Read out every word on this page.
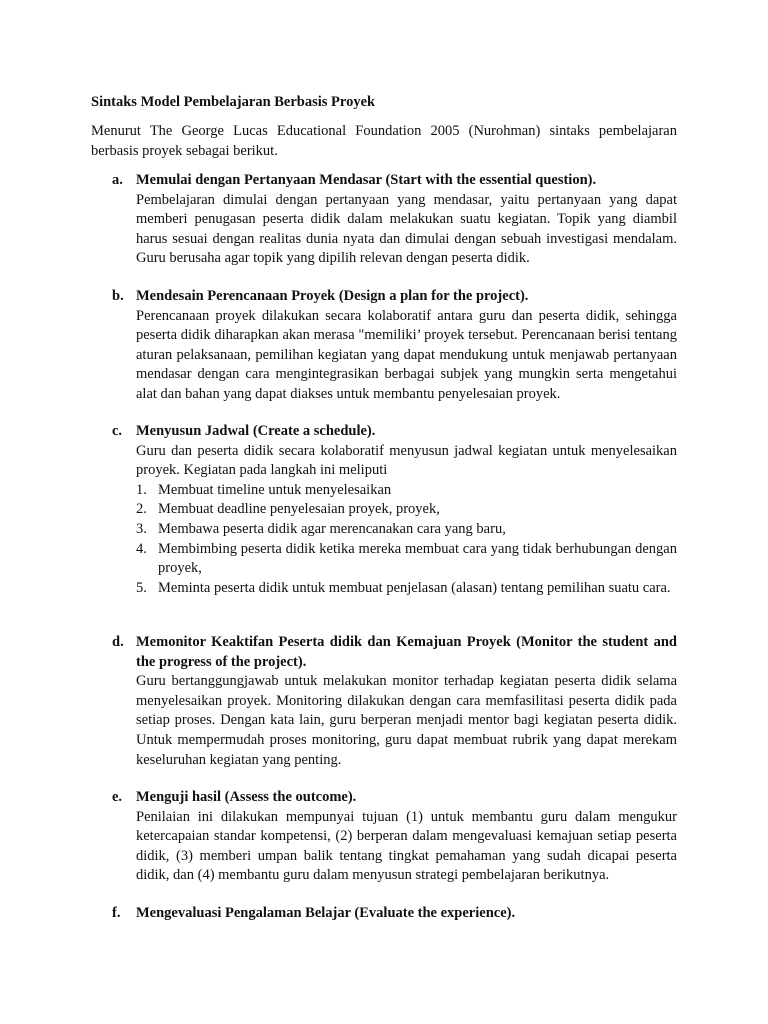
Sintaks Model Pembelajaran Berbasis Proyek
Menurut The George Lucas Educational Foundation 2005 (Nurohman) sintaks pembelajaran berbasis proyek sebagai berikut.
a. Memulai dengan Pertanyaan Mendasar (Start with the essential question).
Pembelajaran dimulai dengan pertanyaan yang mendasar, yaitu pertanyaan yang dapat memberi penugasan peserta didik dalam melakukan suatu kegiatan. Topik yang diambil harus sesuai dengan realitas dunia nyata dan dimulai dengan sebuah investigasi mendalam. Guru berusaha agar topik yang dipilih relevan dengan peserta didik.
b. Mendesain Perencanaan Proyek (Design a plan for the project).
Perencanaan proyek dilakukan secara kolaboratif antara guru dan peserta didik, sehingga peserta didik diharapkan akan merasa "memiliki’ proyek tersebut. Perencanaan berisi tentang aturan pelaksanaan, pemilihan kegiatan yang dapat mendukung untuk menjawab pertanyaan mendasar dengan cara mengintegrasikan berbagai subjek yang mungkin serta mengetahui alat dan bahan yang dapat diakses untuk membantu penyelesaian proyek.
c. Menyusun Jadwal (Create a schedule).
Guru dan peserta didik secara kolaboratif menyusun jadwal kegiatan untuk menyelesaikan proyek. Kegiatan pada langkah ini meliputi
1. Membuat timeline untuk menyelesaikan
2. Membuat deadline penyelesaian proyek, proyek,
3. Membawa peserta didik agar merencanakan cara yang baru,
4. Membimbing peserta didik ketika mereka membuat cara yang tidak berhubungan dengan proyek,
5. Meminta peserta didik untuk membuat penjelasan (alasan) tentang pemilihan suatu cara.
d. Memonitor Keaktifan Peserta didik dan Kemajuan Proyek (Monitor the student and the progress of the project).
Guru bertanggungjawab untuk melakukan monitor terhadap kegiatan peserta didik selama menyelesaikan proyek. Monitoring dilakukan dengan cara memfasilitasi peserta didik pada setiap proses. Dengan kata lain, guru berperan menjadi mentor bagi kegiatan peserta didik. Untuk mempermudah proses monitoring, guru dapat membuat rubrik yang dapat merekam keseluruhan kegiatan yang penting.
e. Menguji hasil (Assess the outcome).
Penilaian ini dilakukan mempunyai tujuan (1) untuk membantu guru dalam mengukur ketercapaian standar kompetensi, (2) berperan dalam mengevaluasi kemajuan setiap peserta didik, (3) memberi umpan balik tentang tingkat pemahaman yang sudah dicapai peserta didik, dan (4) membantu guru dalam menyusun strategi pembelajaran berikutnya.
f. Mengevaluasi Pengalaman Belajar (Evaluate the experience).
